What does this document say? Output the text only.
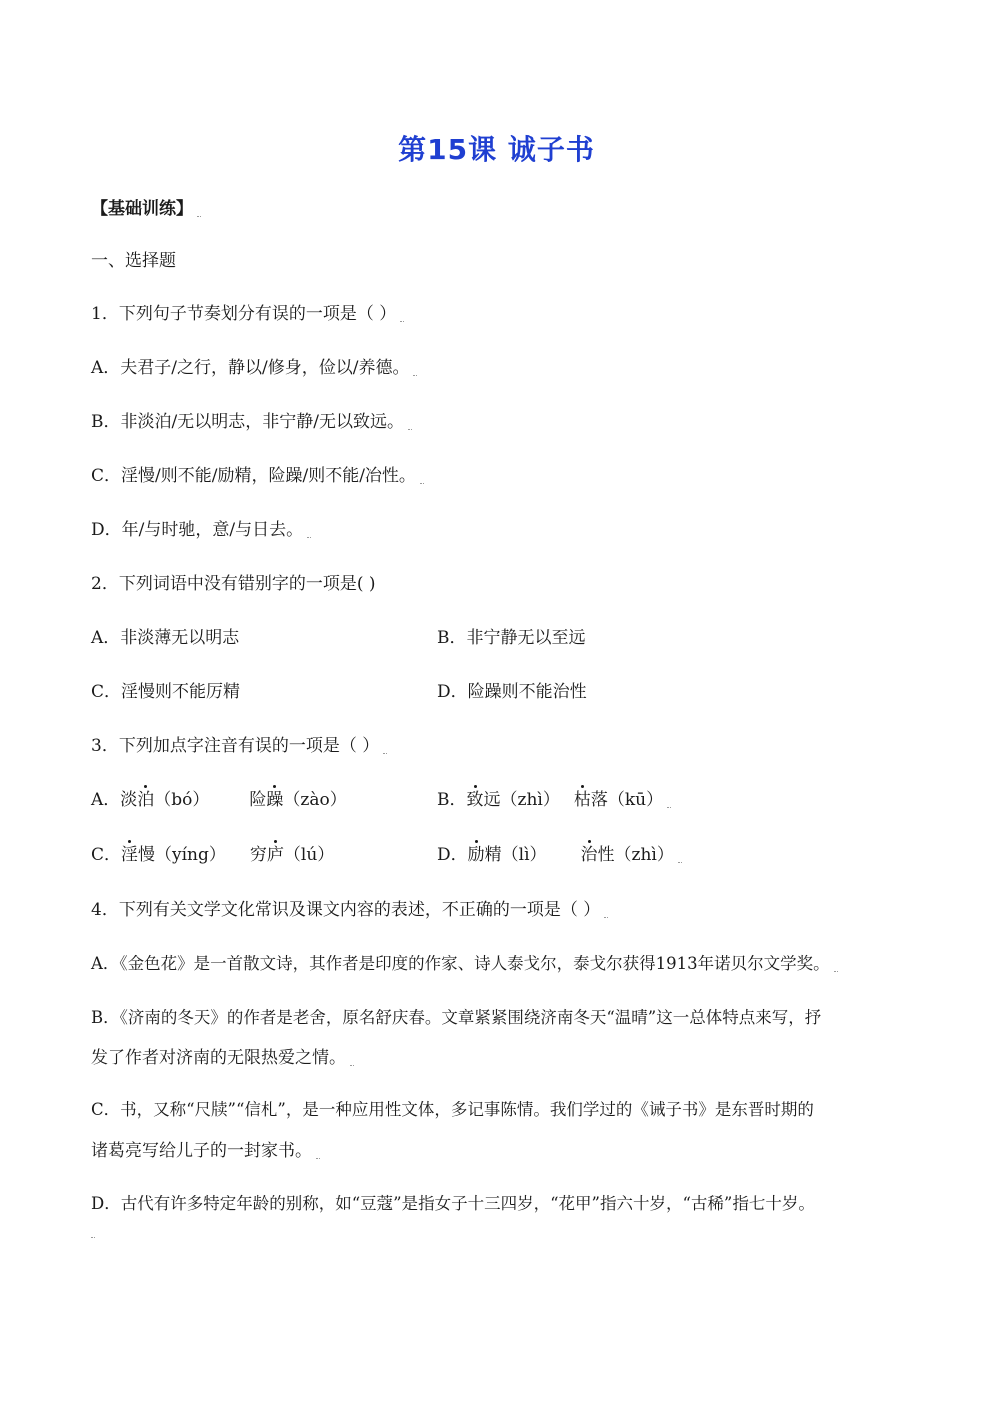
第15课 诚子书
【基础训练】
一、选择题
1．下列句子节奏划分有误的一项是（ ）
A．夫君子/之行，静以/修身，俭以/养德。
B．非淡泊/无以明志，非宁静/无以致远。
C．淫慢/则不能/励精，险躁/则不能/冶性。
D．年/与时驰，意/与日去。
2．下列词语中没有错别字的一项是( )
A．非淡薄无以明志	B．非宁静无以至远
C．淫慢则不能厉精	D．险躁则不能治性
3．下列加点字注音有误的一项是（ ）
A．淡泊（bó） 险躁（zào）	B．致远（zhì） 枯落（kū）
C．淫慢（yíng） 穷庐（lú）	D．励精（lì） 治性（zhì）
4．下列有关文学文化常识及课文内容的表述，不正确的一项是（ ）
A．《金色花》是一首散文诗，其作者是印度的作家、诗人泰戈尔，泰戈尔获得1913年诺贝尔文学奖。
B．《济南的冬天》的作者是老舍，原名舒庆春。文章紧紧围绕济南冬天“温晴”这一总体特点来写，抒
发了作者对济南的无限热爱之情。
C．书，又称“尺牍”“信札”，是一种应用性文体，多记事陈情。我们学过的《诫子书》是东晋时期的
诸葛亮写给儿子的一封家书。
D．古代有许多特定年龄的别称，如“豆蔻”是指女子十三四岁，“花甲”指六十岁，“古稀”指七十岁。
